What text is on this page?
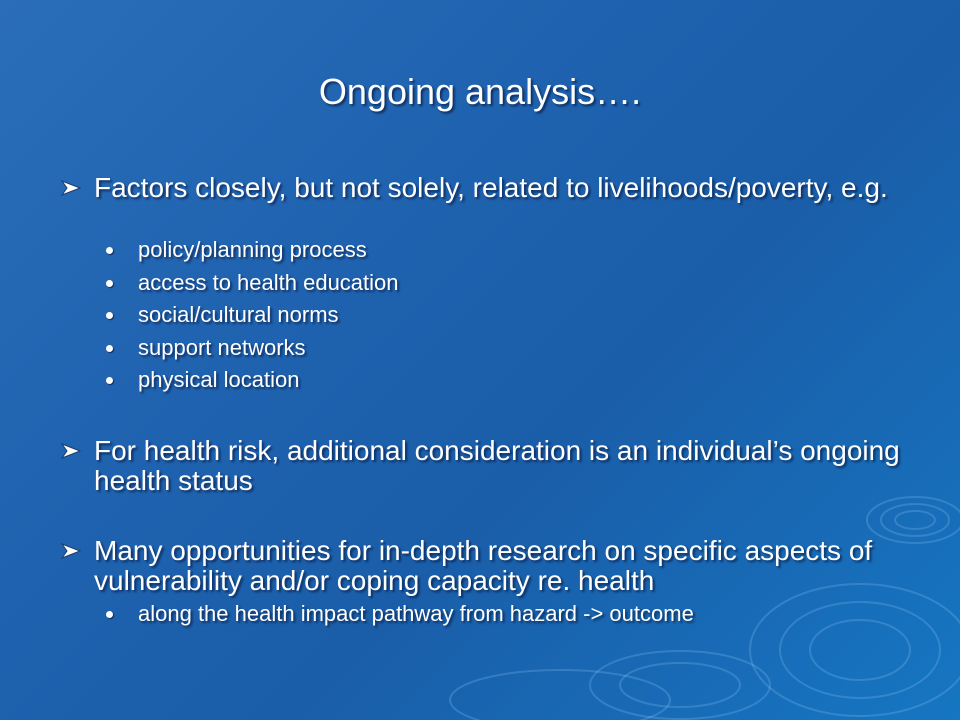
Ongoing analysis….
Factors closely, but not solely, related to livelihoods/poverty, e.g.
policy/planning process
access to health education
social/cultural norms
support networks
physical location
For health risk, additional consideration is an individual’s ongoing health status
Many opportunities for in-depth research on specific aspects of vulnerability and/or coping capacity re. health
along the health impact pathway from hazard -> outcome
